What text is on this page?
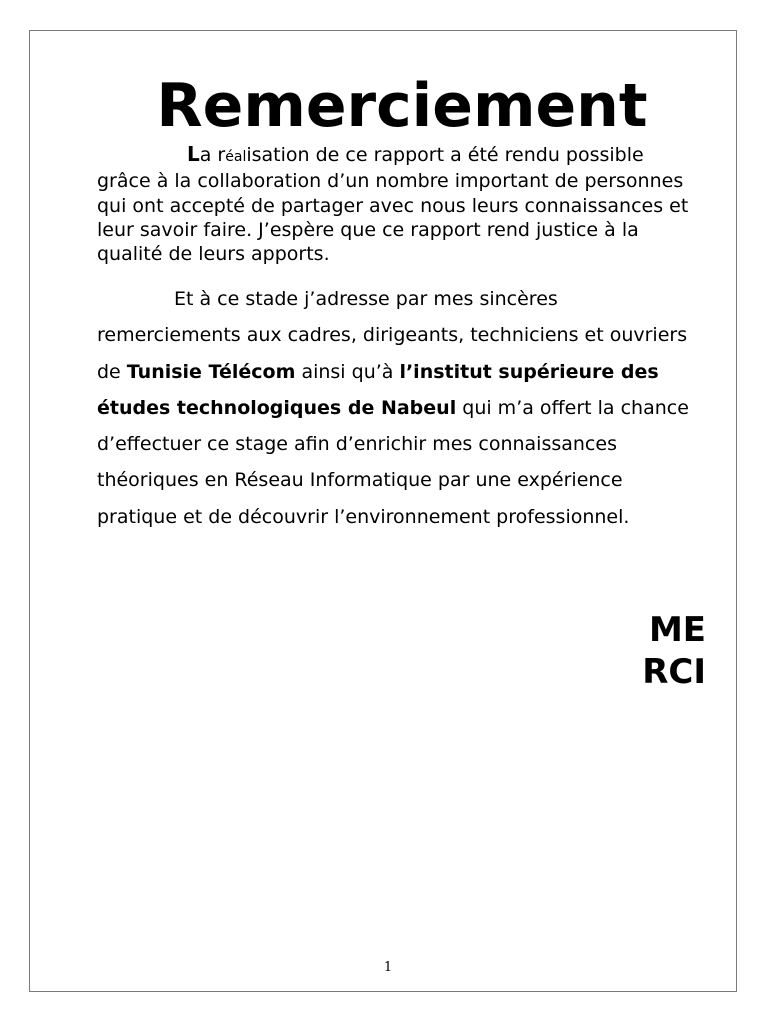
Remerciement

La réalisation de ce rapport a été rendu possible grâce à la collaboration d’un nombre important de personnes qui ont accepté de partager avec nous leurs connaissances et leur savoir faire. J’espère que ce rapport rend justice à la qualité de leurs apports.

Et à ce stade j’adresse par mes sincères remerciements aux cadres, dirigeants, techniciens et ouvriers de Tunisie Télécom ainsi qu’à l’institut supérieure des études technologiques de Nabeul qui m’a offert la chance d’effectuer ce stage afin d’enrichir mes connaissances théoriques en Réseau Informatique par une expérience pratique et de découvrir l’environnement professionnel.

ME
RCI
1
